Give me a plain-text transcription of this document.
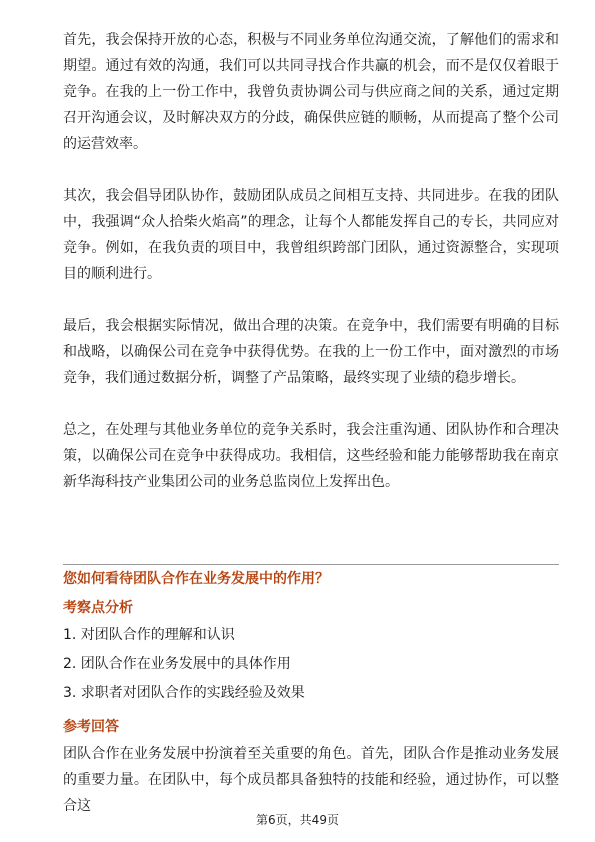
首先，我会保持开放的心态，积极与不同业务单位沟通交流，了解他们的需求和期望。通过有效的沟通，我们可以共同寻找合作共赢的机会，而不是仅仅着眼于竞争。在我的上一份工作中，我曾负责协调公司与供应商之间的关系，通过定期召开沟通会议，及时解决双方的分歧，确保供应链的顺畅，从而提高了整个公司的运营效率。

其次，我会倡导团队协作，鼓励团队成员之间相互支持、共同进步。在我的团队中，我强调“众人拾柴火焰高”的理念，让每个人都能发挥自己的专长，共同应对竞争。例如，在我负责的项目中，我曾组织跨部门团队，通过资源整合，实现项目的顺利进行。

最后，我会根据实际情况，做出合理的决策。在竞争中，我们需要有明确的目标和战略，以确保公司在竞争中获得优势。在我的上一份工作中，面对激烈的市场竞争，我们通过数据分析，调整了产品策略，最终实现了业绩的稳步增长。

总之，在处理与其他业务单位的竞争关系时，我会注重沟通、团队协作和合理决策，以确保公司在竞争中获得成功。我相信，这些经验和能力能够帮助我在南京新华海科技产业集团公司的业务总监岗位上发挥出色。

您如何看待团队合作在业务发展中的作用？
考察点分析
1. 对团队合作的理解和认识
2. 团队合作在业务发展中的具体作用
3. 求职者对团队合作的实践经验及效果
参考回答

团队合作在业务发展中扮演着至关重要的角色。首先，团队合作是推动业务发展的重要力量。在团队中，每个成员都具备独特的技能和经验，通过协作，可以整合这

第6页，共49页
